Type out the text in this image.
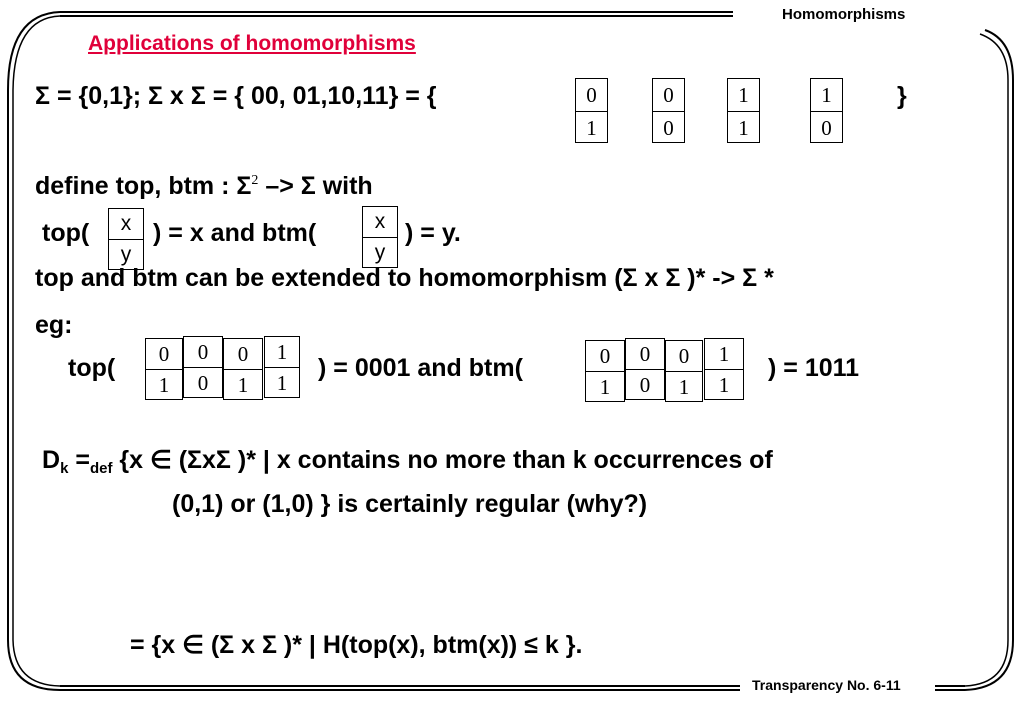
Homomorphisms
Transparency No. 6-11
Applications of homomorphisms
Σ = {0,1}; Σ x Σ = { 00, 01,10,11} = {	0
1
0
0
1
1
1
0
}
define top, btm : $\Sigma^2 -> \Sigma$ with
top(	x
y
) = x and btm(	x
y
) = y.
top and btm can be extended to homomorphism (Σ x Σ )* -> Σ *
eg:
top(
0
1
0
0
0
1
1
1
) = 0001 and btm(	0
1
0
0
0
1
1
1
) = 1011
$D_k =_{def}$ {x ∈ (ΣxΣ )* | x contains no more than k occurrences of
(0,1) or (1,0) } is certainly regular (why?)
= {x ∈ (Σ x Σ )* | H(top(x), btm(x)) ≤ k }.
